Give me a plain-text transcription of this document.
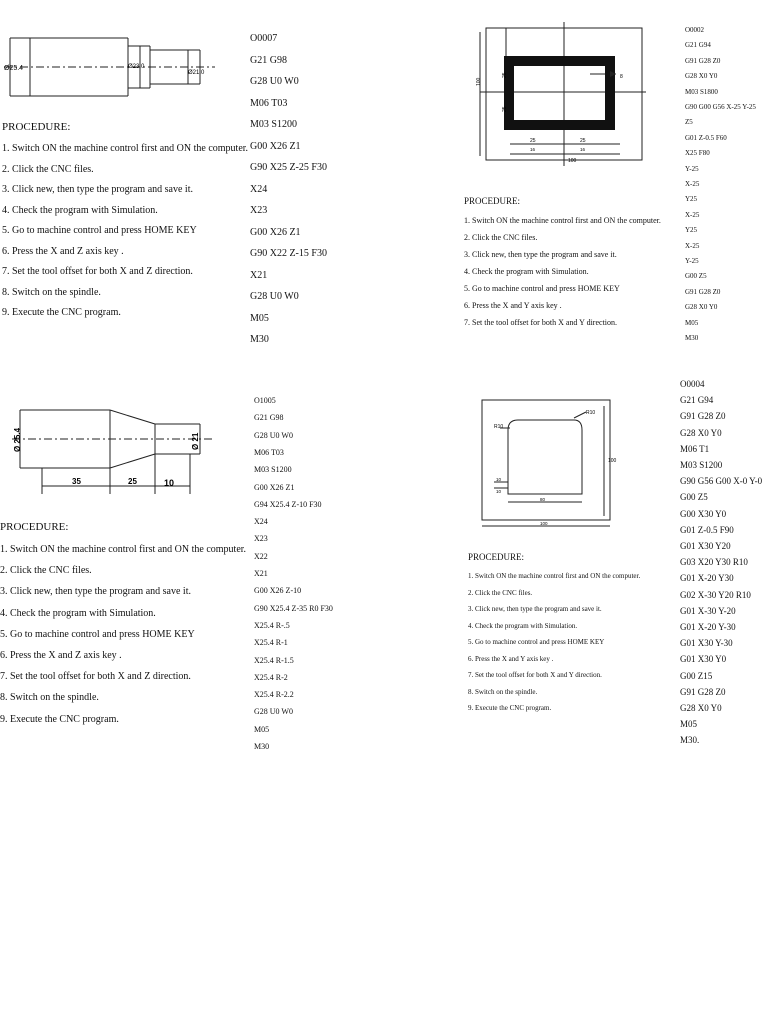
Ø25.4	Ø23.0
Ø21.0
PROCEDURE:
1. Switch ON the machine control first and ON the computer.
2. Click the CNC files.
3. Click new, then type the program and save it.
4. Check the program with Simulation.
5. Go to machine control and press HOME KEY
6. Press the X and Z axis key .
7. Set the tool offset for both X and Z direction.
8. Switch on the spindle.
9. Execute the CNC program.
O0007
G21 G98
G28 U0 W0
M06 T03
M03 S1200
G00 X26 Z1
G90 X25 Z-25 F30
X24
X23
G00 X26 Z1
G90 X22 Z-15 F30
X21
G28 U0 W0
M05
M30
100
25
25
8
25	25
16	16
100
PROCEDURE:
1. Switch ON the machine control first and ON the computer.
2. Click the CNC files.
3. Click new, then type the program and save it.
4. Check the program with Simulation.
5. Go to machine control and press HOME KEY
6. Press the X and Y axis key .
7. Set the tool offset for both X and Y direction.
O0002
G21 G94
G91 G28 Z0
G28 X0 Y0
M03 S1800
G90 G00 G56 X-25 Y-25
Z5
G01 Z-0.5 F60
X25 F80
Y-25
X-25
Y25
X-25
Y25
X-25
Y-25
G00 Z5
G91 G28 Z0
G28 X0 Y0
M05
M30
Ø 25.4	Ø 21
35	25	10
PROCEDURE:
1. Switch ON the machine control first and ON the computer.
2. Click the CNC files.
3. Click new, then type the program and save it.
4. Check the program with Simulation.
5. Go to machine control and press HOME KEY
6. Press the X and Z axis key .
7. Set the tool offset for both X and Z direction.
8. Switch on the spindle.
9. Execute the CNC program.
O1005
G21 G98
G28 U0 W0
M06 T03
M03 S1200
G00 X26 Z1
G94 X25.4 Z-10 F30
X24
X23
X22
X21
G00 X26 Z-10
G90 X25.4 Z-35 R0 F30
X25.4 R-.5
X25.4 R-1
X25.4 R-1.5
X25.4 R-2
X25.4 R-2.2
G28 U0 W0
M05
M30
R10
R10
100
10
10
80
100
PROCEDURE:
1. Switch ON the machine control first and ON the computer.
2. Click the CNC files.
3. Click new, then type the program and save it.
4. Check the program with Simulation.
5. Go to machine control and press HOME KEY
6. Press the X and Y axis key .
7. Set the tool offset for both X and Y direction.
8. Switch on the spindle.
9. Execute the CNC program.
O0004
G21 G94
G91 G28 Z0
G28 X0 Y0
M06 T1
M03 S1200
G90 G56 G00 X-0 Y-0
G00 Z5
G00 X30 Y0
G01 Z-0.5 F90
G01 X30 Y20
G03 X20 Y30 R10
G01 X-20 Y30
G02 X-30 Y20 R10
G01 X-30 Y-20
G01 X-20 Y-30
G01 X30 Y-30
G01 X30 Y0
G00 Z15
G91 G28 Z0
G28 X0 Y0
M05
M30.
